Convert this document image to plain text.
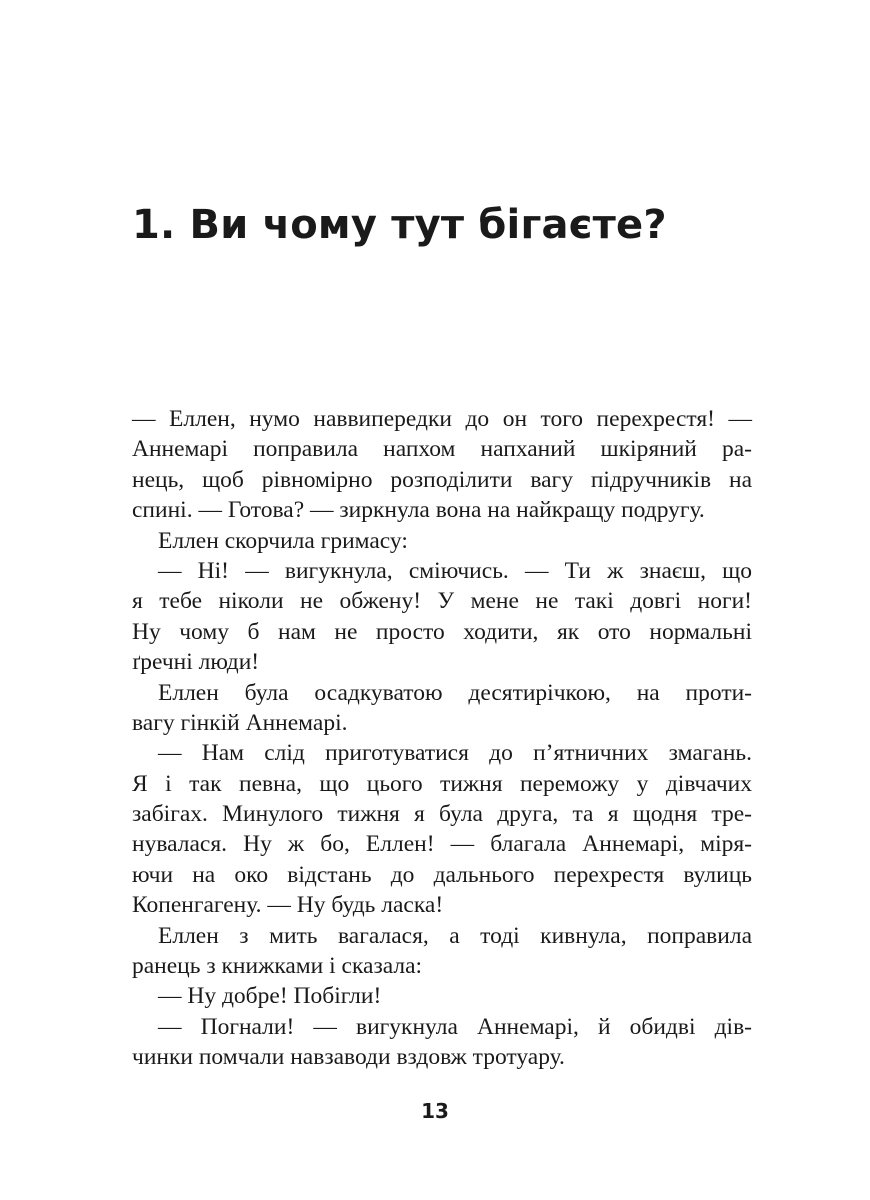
1. Ви чому тут бігаєте?
— Еллен, нумо наввипередки до он того перехрестя! —
Аннемарі поправила напхом напханий шкіряний ра-
нець, щоб рівномірно розподілити вагу підручників на
спині. — Готова? — зиркнула вона на найкращу подругу.
Еллен скорчила гримасу:
— Ні! — вигукнула, сміючись. — Ти ж знаєш, що
я тебе ніколи не обжену! У мене не такі довгі ноги!
Ну чому б нам не просто ходити, як ото нормальні
ґречні люди!
Еллен була осадкуватою десятирічкою, на проти-
вагу гінкій Аннемарі.
— Нам слід приготуватися до п’ятничних змагань.
Я і так певна, що цього тижня переможу у дівчачих
забігах. Минулого тижня я була друга, та я щодня тре-
нувалася. Ну ж бо, Еллен! — благала Аннемарі, міря-
ючи на око відстань до дальнього перехрестя вулиць
Копенгагену. — Ну будь ласка!
Еллен з мить вагалася, а тоді кивнула, поправила
ранець з книжками і сказала:
— Ну добре! Побігли!
— Погнали! — вигукнула Аннемарі, й обидві дів-
чинки помчали навзаводи вздовж тротуару.
13
